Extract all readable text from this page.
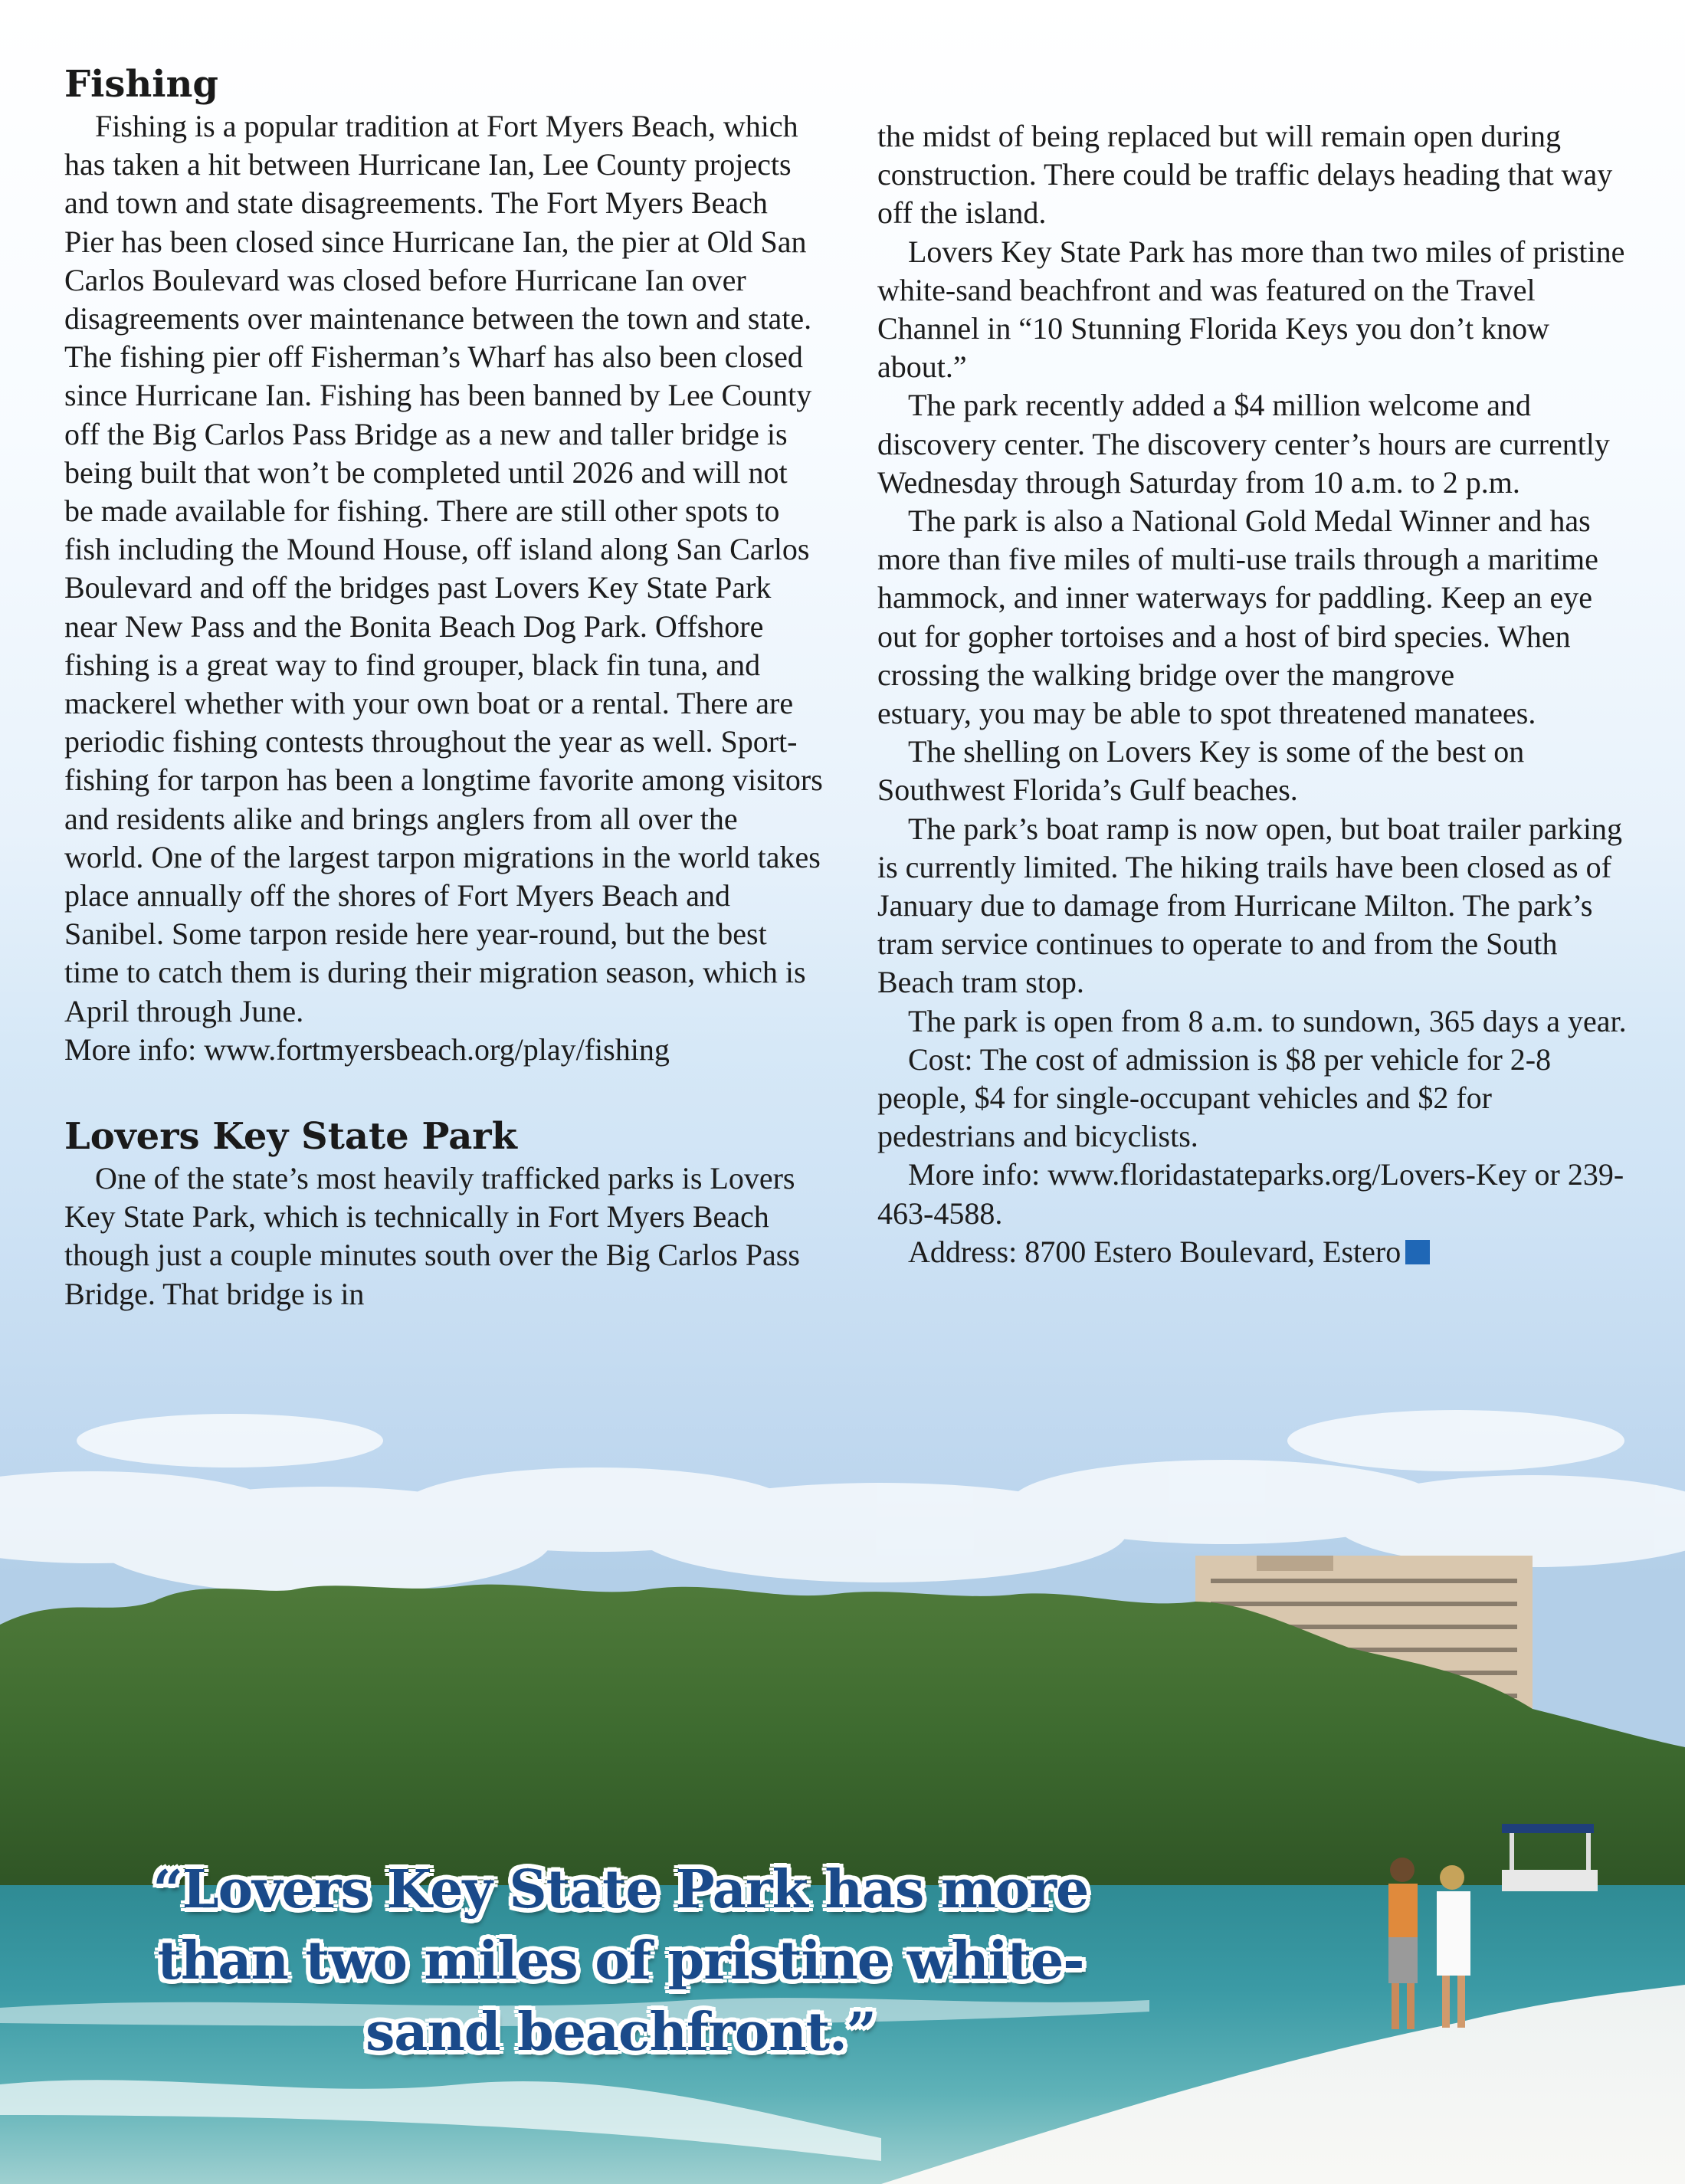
Fishing

Fishing is a popular tradition at Fort Myers Beach, which has taken a hit between Hurricane Ian, Lee County projects and town and state disagreements. The Fort Myers Beach Pier has been closed since Hurricane Ian, the pier at Old San Carlos Boulevard was closed before Hurricane Ian over disagreements over maintenance between the town and state. The fishing pier off Fisherman’s Wharf has also been closed since Hurricane Ian. Fishing has been banned by Lee County off the Big Carlos Pass Bridge as a new and taller bridge is being built that won’t be completed until 2026 and will not be made available for fishing. There are still other spots to fish including the Mound House, off island along San Carlos Boulevard and off the bridges past Lovers Key State Park near New Pass and the Bonita Beach Dog Park. Offshore fishing is a great way to find grouper, black fin tuna, and mackerel whether with your own boat or a rental. There are periodic fishing contests throughout the year as well. Sport-fishing for tarpon has been a longtime favorite among visitors and residents alike and brings anglers from all over the world. One of the largest tarpon migrations in the world takes place annually off the shores of Fort Myers Beach and Sanibel. Some tarpon reside here year-round, but the best time to catch them is during their migration season, which is April through June.

More info: www.fortmyersbeach.org/play/fishing

Lovers Key State Park

One of the state’s most heavily trafficked parks is Lovers Key State Park, which is technically in Fort Myers Beach though just a couple minutes south over the Big Carlos Pass Bridge. That bridge is in

the midst of being replaced but will remain open during construction. There could be traffic delays heading that way off the island.

Lovers Key State Park has more than two miles of pristine white-sand beachfront and was featured on the Travel Channel in “10 Stunning Florida Keys you don’t know about.”

The park recently added a $4 million welcome and discovery center. The discovery center’s hours are currently Wednesday through Saturday from 10 a.m. to 2 p.m.

The park is also a National Gold Medal Winner and has more than five miles of multi-use trails through a maritime hammock, and inner waterways for paddling. Keep an eye out for gopher tortoises and a host of bird species. When crossing the walking bridge over the mangrove
estuary, you may be able to spot threatened manatees.

The shelling on Lovers Key is some of the best on Southwest Florida’s Gulf beaches.

The park’s boat ramp is now open, but boat trailer parking is currently limited. The hiking trails have been closed as of January due to damage from Hurricane Milton. The park’s tram service continues to operate to and from the South Beach tram stop.

The park is open from 8 a.m. to sundown, 365 days a year.

Cost: The cost of admission is $8 per vehicle for 2-8 people, $4 for single-occupant vehicles and $2 for pedestrians and bicyclists.

More info: www.floridastateparks.org/Lovers-Key or 239-463-4588.

Address: 8700 Estero Boulevard, Estero

“Lovers Key State Park has more than two miles of pristine white-sand beachfront.”
